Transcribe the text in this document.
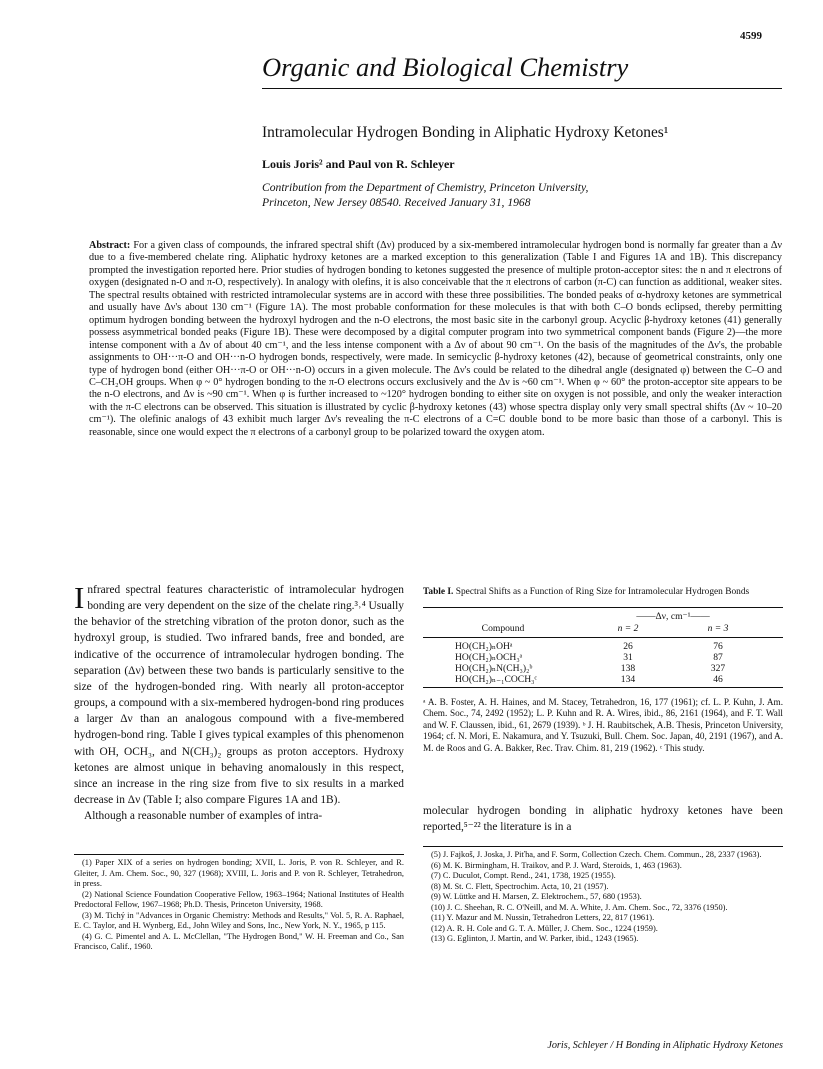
4599
Organic and Biological Chemistry
Intramolecular Hydrogen Bonding in Aliphatic Hydroxy Ketones¹
Louis Joris² and Paul von R. Schleyer
Contribution from the Department of Chemistry, Princeton University,
Princeton, New Jersey 08540. Received January 31, 1968
Abstract: For a given class of compounds, the infrared spectral shift (Δν) produced by a six-membered intramolecular hydrogen bond is normally far greater than a Δν due to a five-membered chelate ring. Aliphatic hydroxy ketones are a marked exception to this generalization (Table I and Figures 1A and 1B). This discrepancy prompted the investigation reported here. Prior studies of hydrogen bonding to ketones suggested the presence of multiple proton-acceptor sites: the n and π electrons of oxygen (designated n-O and π-O, respectively). In analogy with olefins, it is also conceivable that the π electrons of carbon (π-C) can function as additional, weaker sites. The spectral results obtained with restricted intramolecular systems are in accord with these three possibilities. The bonded peaks of α-hydroxy ketones are symmetrical and usually have Δν's about 130 cm⁻¹ (Figure 1A). The most probable conformation for these molecules is that with both C–O bonds eclipsed, thereby permitting optimum hydrogen bonding between the hydroxyl hydrogen and the n-O electrons, the most basic site in the carbonyl group. Acyclic β-hydroxy ketones (41) generally possess asymmetrical bonded peaks (Figure 1B). These were decomposed by a digital computer program into two symmetrical component bands (Figure 2)—the more intense component with a Δν of about 40 cm⁻¹, and the less intense component with a Δν of about 90 cm⁻¹. On the basis of the magnitudes of the Δν's, the probable assignments to OH···π-O and OH···n-O hydrogen bonds, respectively, were made. In semicyclic β-hydroxy ketones (42), because of geometrical constraints, only one type of hydrogen bond (either OH···π-O or OH···n-O) occurs in a given molecule. The Δν's could be related to the dihedral angle (designated φ) between the C–O and C–CH₂OH groups. When φ ~ 0° hydrogen bonding to the π-O electrons occurs exclusively and the Δν is ~60 cm⁻¹. When φ ~ 60° the proton-acceptor site appears to be the n-O electrons, and Δν is ~90 cm⁻¹. When φ is further increased to ~120° hydrogen bonding to either site on oxygen is not possible, and only the weaker interaction with the π-C electrons can be observed. This situation is illustrated by cyclic β-hydroxy ketones (43) whose spectra display only very small spectral shifts (Δν ~ 10–20 cm⁻¹). The olefinic analogs of 43 exhibit much larger Δν's revealing the π-C electrons of a C=C double bond to be more basic than those of a carbonyl. This is reasonable, since one would expect the π electrons of a carbonyl group to be polarized toward the oxygen atom.
Infrared spectral features characteristic of intramolecular hydrogen bonding are very dependent on the size of the chelate ring.³˒⁴ Usually the behavior of the stretching vibration of the proton donor, such as the hydroxyl group, is studied. Two infrared bands, free and bonded, are indicative of the occurrence of intramolecular hydrogen bonding. The separation (Δν) between these two bands is particularly sensitive to the size of the hydrogen-bonded ring. With nearly all proton-acceptor groups, a compound with a six-membered hydrogen-bond ring produces a larger Δν than an analogous compound with a five-membered hydrogen-bond ring. Table I gives typical examples of this phenomenon with OH, OCH₃, and N(CH₃)₂ groups as proton acceptors. Hydroxy ketones are almost unique in behaving anomalously in this respect, since an increase in the ring size from five to six results in a marked decrease in Δν (Table I; also compare Figures 1A and 1B).
Although a reasonable number of examples of intra-

(1) Paper XIX of a series on hydrogen bonding; XVII, L. Joris, P. von R. Schleyer, and R. Gleiter, J. Am. Chem. Soc., 90, 327 (1968); XVIII, L. Joris and P. von R. Schleyer, Tetrahedron, in press.

(2) National Science Foundation Cooperative Fellow, 1963–1964; National Institutes of Health Predoctoral Fellow, 1967–1968; Ph.D. Thesis, Princeton University, 1968.

(3) M. Tichý in "Advances in Organic Chemistry: Methods and Results," Vol. 5, R. A. Raphael, E. C. Taylor, and H. Wynberg, Ed., John Wiley and Sons, Inc., New York, N. Y., 1965, p 115.

(4) G. C. Pimentel and A. L. McClellan, "The Hydrogen Bond," W. H. Freeman and Co., San Francisco, Calif., 1960.

Table I. Spectral Shifts as a Function of Ring Size for Intramolecular Hydrogen Bonds
——Δν, cm⁻¹——
Compound	n = 2	n = 3
HO(CH₂)ₙOHᵃ	26	76
HO(CH₂)ₙOCH₃ᵃ	31	87
HO(CH₂)ₙN(CH₃)₂ᵇ	138	327
HO(CH₂)ₙ₋₁COCH₃ᶜ	134	46
ᵃ A. B. Foster, A. H. Haines, and M. Stacey, Tetrahedron, 16, 177 (1961); cf. L. P. Kuhn, J. Am. Chem. Soc., 74, 2492 (1952); L. P. Kuhn and R. A. Wires, ibid., 86, 2161 (1964), and F. T. Wall and W. F. Claussen, ibid., 61, 2679 (1939). ᵇ J. H. Raubitschek, A.B. Thesis, Princeton University, 1964; cf. N. Mori, E. Nakamura, and Y. Tsuzuki, Bull. Chem. Soc. Japan, 40, 2191 (1967), and A. M. de Roos and G. A. Bakker, Rec. Trav. Chim. 81, 219 (1962). ᶜ This study.
molecular hydrogen bonding in aliphatic hydroxy ketones have been reported,⁵⁻²² the literature is in a

(5) J. Fajkoš, J. Joska, J. Piťha, and F. Sorm, Collection Czech. Chem. Commun., 28, 2337 (1963).

(6) M. K. Birmingham, H. Traikov, and P. J. Ward, Steroids, 1, 463 (1963).

(7) C. Duculot, Compt. Rend., 241, 1738, 1925 (1955).

(8) M. St. C. Flett, Spectrochim. Acta, 10, 21 (1957).

(9) W. Lüttke and H. Marsen, Z. Elektrochem., 57, 680 (1953).

(10) J. C. Sheehan, R. C. O'Neill, and M. A. White, J. Am. Chem. Soc., 72, 3376 (1950).

(11) Y. Mazur and M. Nussin, Tetrahedron Letters, 22, 817 (1961).

(12) A. R. H. Cole and G. T. A. Müller, J. Chem. Soc., 1224 (1959).

(13) G. Eglinton, J. Martin, and W. Parker, ibid., 1243 (1965).

Joris, Schleyer / H Bonding in Aliphatic Hydroxy Ketones
